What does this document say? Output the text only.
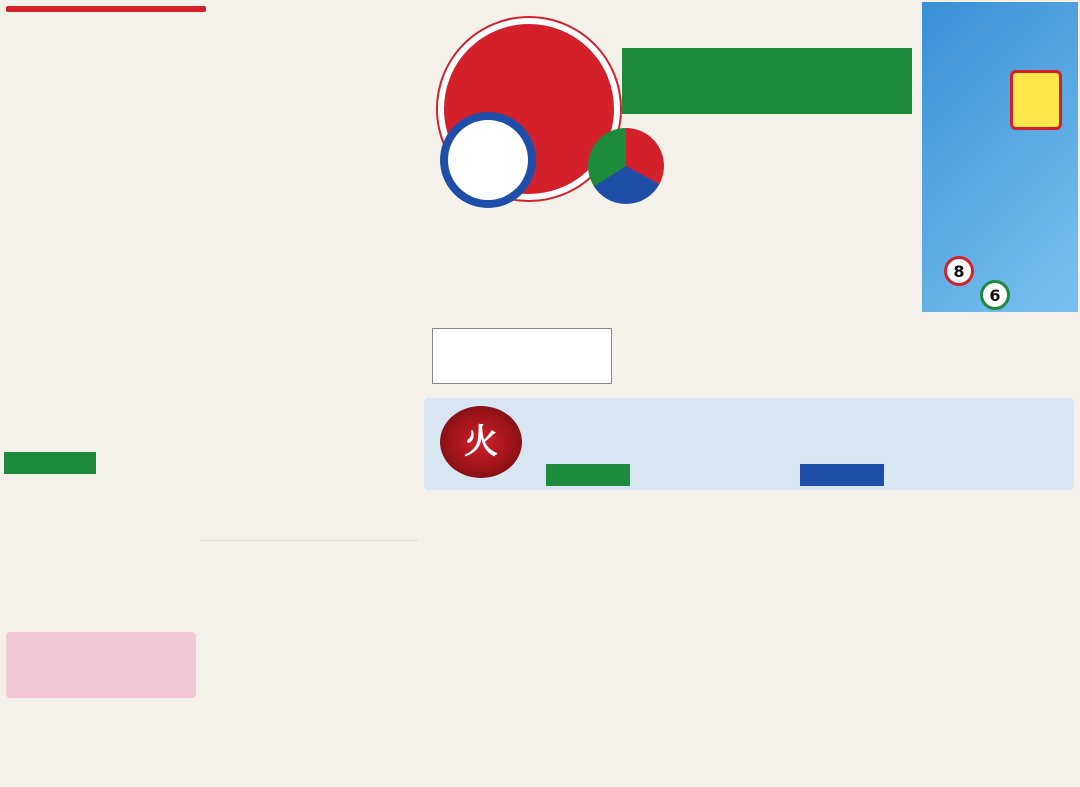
8
6
火
